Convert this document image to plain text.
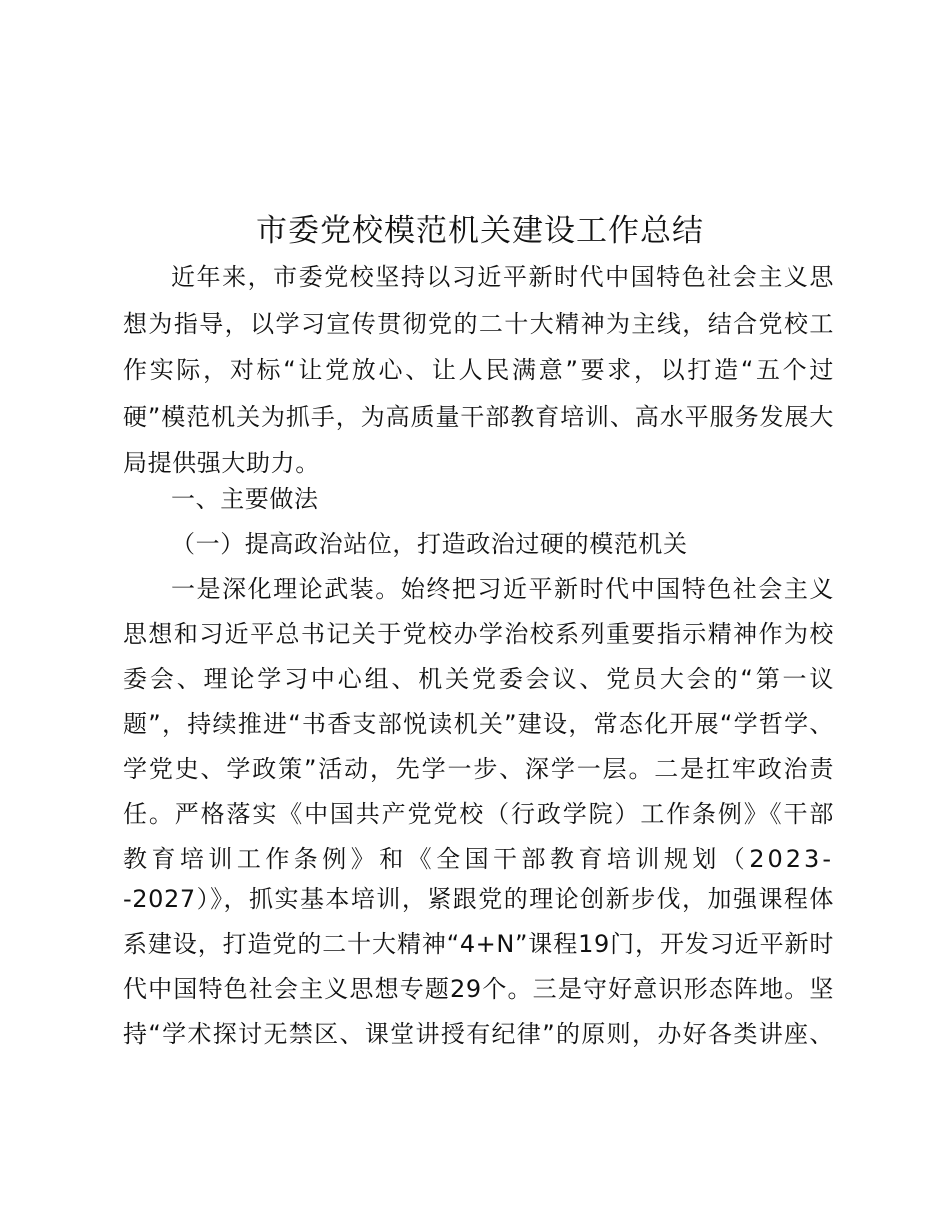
市委党校模范机关建设工作总结
近年来，市委党校坚持以习近平新时代中国特色社会主义思
想为指导，以学习宣传贯彻党的二十大精神为主线，结合党校工
作实际，对标“让党放心、让人民满意”要求，以打造“五个过
硬”模范机关为抓手，为高质量干部教育培训、高水平服务发展大
局提供强大助力。
一、主要做法
（一）提高政治站位，打造政治过硬的模范机关
一是深化理论武装。始终把习近平新时代中国特色社会主义
思想和习近平总书记关于党校办学治校系列重要指示精神作为校
委会、理论学习中心组、机关党委会议、党员大会的“第一议
题”，持续推进“书香支部悦读机关”建设，常态化开展“学哲学、
学党史、学政策”活动，先学一步、深学一层。二是扛牢政治责
任。严格落实《中国共产党党校（行政学院）工作条例》《干部
教育培训工作条例》和《全国干部教育培训规划（2023-
-2027）》，抓实基本培训，紧跟党的理论创新步伐，加强课程体
系建设，打造党的二十大精神“4+N”课程19门，开发习近平新时
代中国特色社会主义思想专题29个。三是守好意识形态阵地。坚
持“学术探讨无禁区、课堂讲授有纪律”的原则，办好各类讲座、
